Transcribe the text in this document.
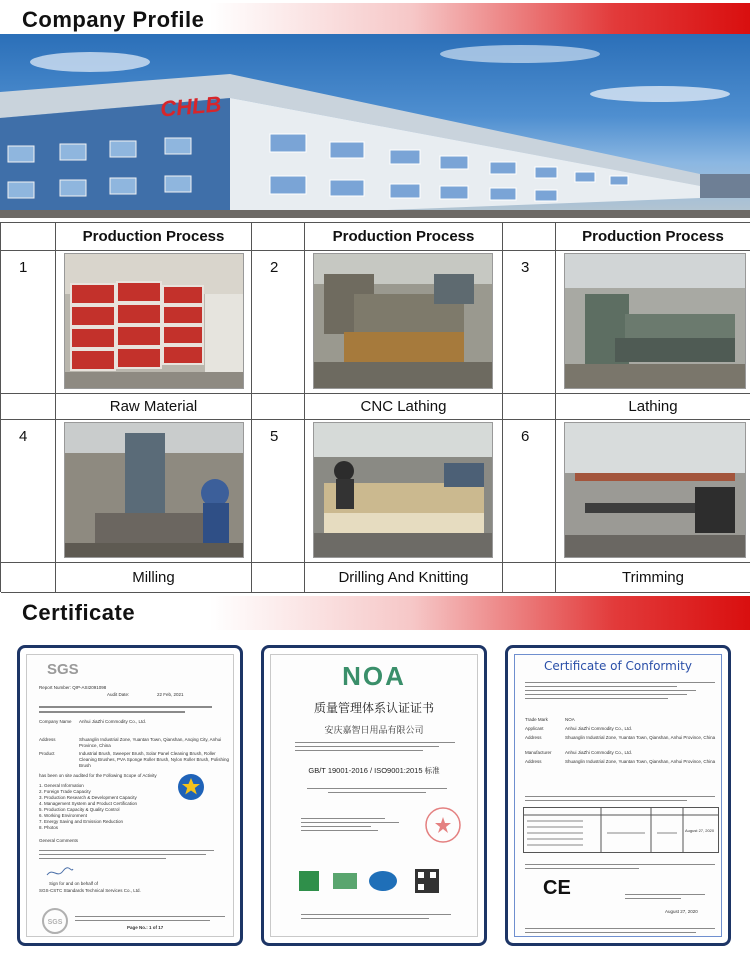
Company Profile
CHLB
Production Process	Production Process	Production Process
1	2	3
Raw Material	CNC Lathing	Lathing
4	5	6
Milling	Drilling And Knitting	Trimming
Certificate
SGS
Report Number: QIP-ASI2091098
Audit Date:	22 Feb, 2021
Company Name	Anhui JiaZhi Commodity Co., Ltd.
Address	Shuanglin Industrial Zone, Yuantan Town, Qianshan, Anqing City, Anhui Province, China
Product	Industrial Brush, Sweeper Brush, Solar Panel Cleaning Brush, Roller Cleaning Brushes, PVA Sponge Roller Brush, Nylon Roller Brush, Polishing Brush
has been on site audited for the Following Scope of Activity
1. General Information
2. Foreign Trade Capacity
3. Production Research & Development Capacity
4. Management System and Product Certification
5. Production Capacity & Quality Control
6. Working Environment
7. Energy Saving and Emission Reduction
8. Photos
General Comments
Sign for and on behalf of
SGS-CSTC Standards Technical Services Co., Ltd.
SGS
Page No.: 1 of 17
NOA
质量管理体系认证证书
安庆嘉智日用品有限公司
GB/T 19001-2016 / ISO9001:2015 标准
Certificate of Conformity
Trade Mark	NOA
Applicant	Anhui JiaZhi Commodity Co., Ltd.
Address	Shuanglin Industrial Zone, Yuantan Town, Qianshan, Anhui Province, China
Manufacturer	Anhui JiaZhi Commodity Co., Ltd.
Address	Shuanglin Industrial Zone, Yuantan Town, Qianshan, Anhui Province, China
August 27, 2020
CE
August 27, 2020
